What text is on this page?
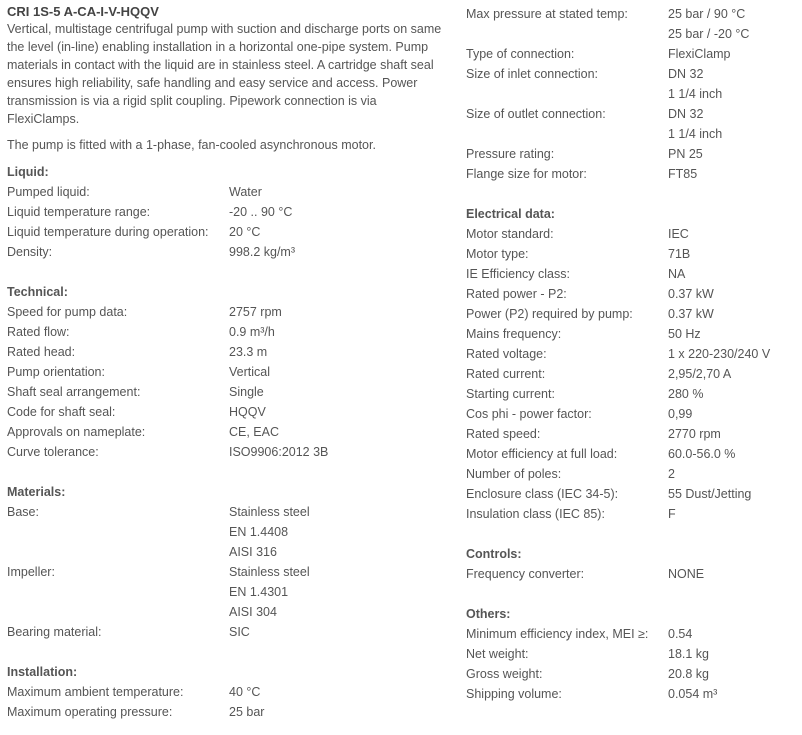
CRI 1S-5 A-CA-I-V-HQQV
Vertical, multistage centrifugal pump with suction and discharge ports on same the level (in-line) enabling installation in a horizontal one-pipe system. Pump materials in contact with the liquid are in stainless steel. A cartridge shaft seal ensures high reliability, safe handling and easy service and access. Power transmission is via a rigid split coupling. Pipework connection is via FlexiClamps.
The pump is fitted with a 1-phase, fan-cooled asynchronous motor.
Liquid:
Pumped liquid:	Water
Liquid temperature range:	-20 .. 90 °C
Liquid temperature during operation:	20 °C
Density:	998.2 kg/m³
Technical:
Speed for pump data:	2757 rpm
Rated flow:	0.9 m³/h
Rated head:	23.3 m
Pump orientation:	Vertical
Shaft seal arrangement:	Single
Code for shaft seal:	HQQV
Approvals on nameplate:	CE, EAC
Curve tolerance:	ISO9906:2012 3B
Materials:
Base:	Stainless steel
EN 1.4408
AISI 316
Impeller:	Stainless steel
EN 1.4301
AISI 304
Bearing material:	SIC
Installation:
Maximum ambient temperature:	40 °C
Maximum operating pressure:	25 bar
Max pressure at stated temp:	25 bar / 90 °C
25 bar / -20 °C
Type of connection:	FlexiClamp
Size of inlet connection:	DN 32
1 1/4 inch
Size of outlet connection:	DN 32
1 1/4 inch
Pressure rating:	PN 25
Flange size for motor:	FT85
Electrical data:
Motor standard:	IEC
Motor type:	71B
IE Efficiency class:	NA
Rated power - P2:	0.37 kW
Power (P2) required by pump:	0.37 kW
Mains frequency:	50 Hz
Rated voltage:	1 x 220-230/240 V
Rated current:	2,95/2,70 A
Starting current:	280 %
Cos phi - power factor:	0,99
Rated speed:	2770 rpm
Motor efficiency at full load:	60.0-56.0 %
Number of poles:	2
Enclosure class (IEC 34-5):	55 Dust/Jetting
Insulation class (IEC 85):	F
Controls:
Frequency converter:	NONE
Others:
Minimum efficiency index, MEI ≥:	0.54
Net weight:	18.1 kg
Gross weight:	20.8 kg
Shipping volume:	0.054 m³
